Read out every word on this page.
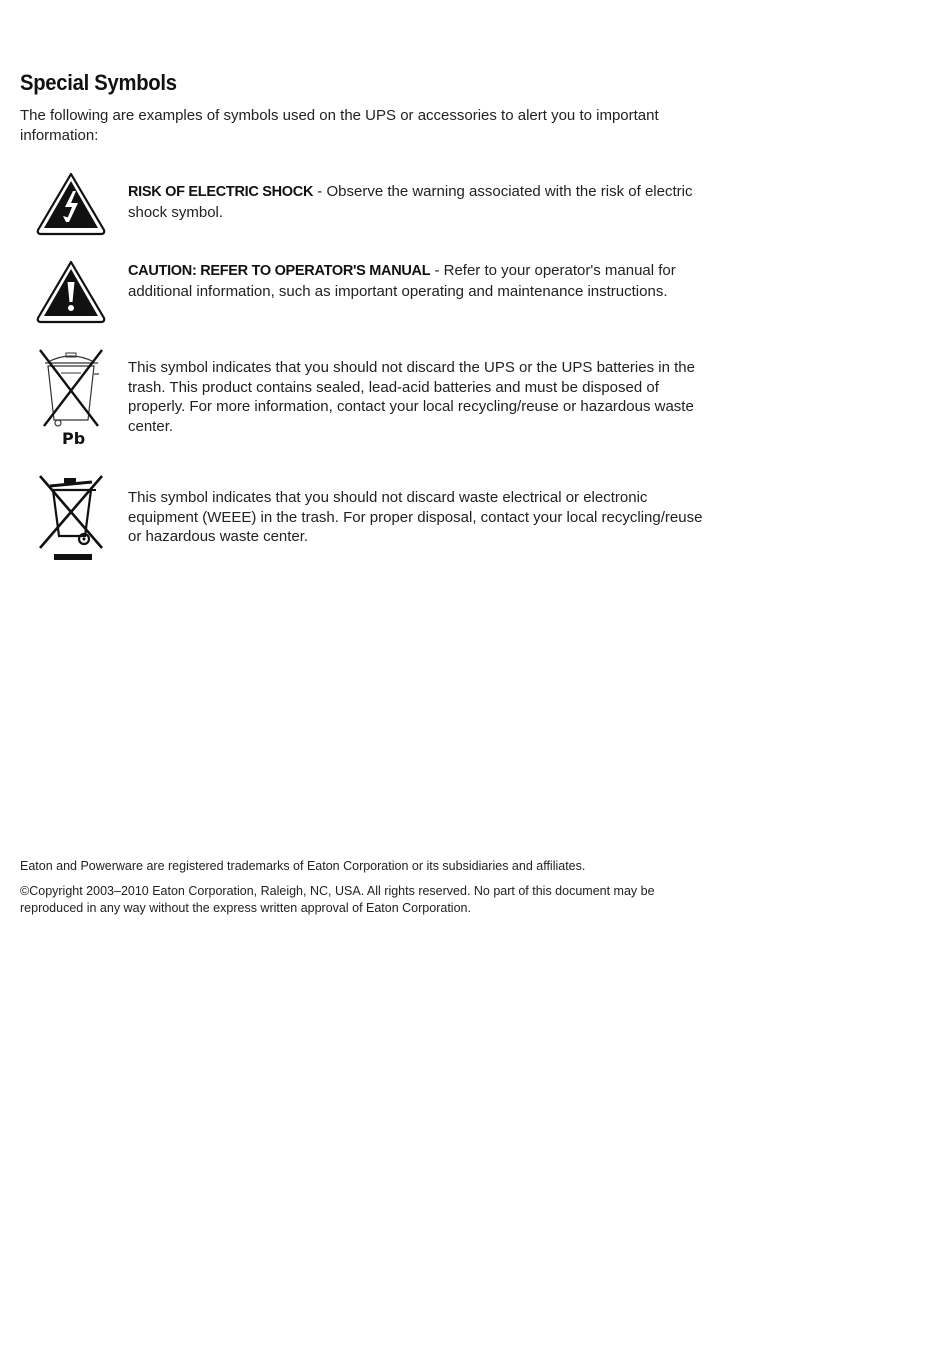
Special Symbols

The following are examples of symbols used on the UPS or accessories to alert you to important information:

RISK OF ELECTRIC SHOCK - Observe the warning associated with the risk of electric shock symbol.

CAUTION: REFER TO OPERATOR'S MANUAL - Refer to your operator's manual for additional information, such as important operating and maintenance instructions.

Pb

This symbol indicates that you should not discard the UPS or the UPS batteries in the trash. This product contains sealed, lead-acid batteries and must be disposed of properly. For more information, contact your local recycling/reuse or hazardous waste center.

This symbol indicates that you should not discard waste electrical or electronic equipment (WEEE) in the trash. For proper disposal, contact your local recycling/reuse or hazardous waste center.

Eaton and Powerware are registered trademarks of Eaton Corporation or its subsidiaries and affiliates.

©Copyright 2003–2010 Eaton Corporation, Raleigh, NC, USA. All rights reserved. No part of this document may be reproduced in any way without the express written approval of Eaton Corporation.
